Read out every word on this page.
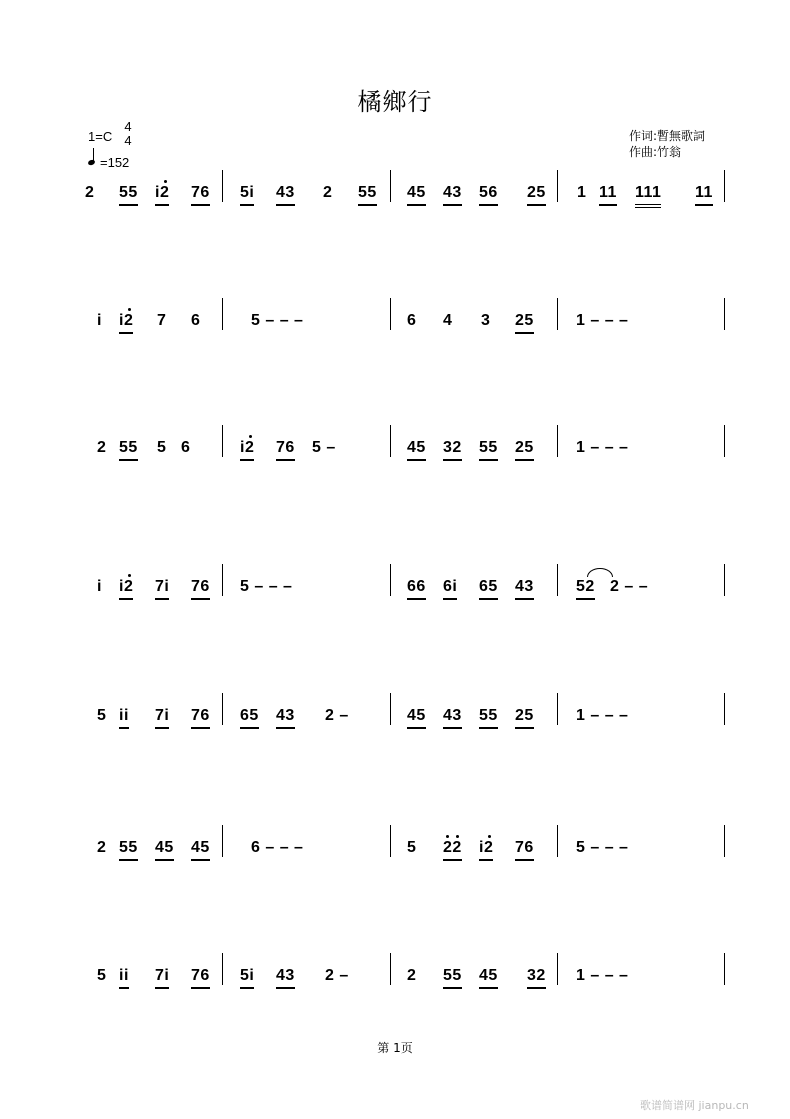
橘鄉行
1=C
4
4
=152
作词:暫無歌詞
作曲:竹翁
2 55 i2 76 5i 43 2 55 45 43 56 25 1 11 111 11
i i2 7 6	5 – – –	6 4 3 25	1 – – –
2 55 5 6	i2 76 5 –	45 32 55 25	1 – – –
i i2 7i 76 5 – – –	66 6i 65 43	52 2 – –
5 ii 7i 76 65 43 2 –	45 43 55 25	1 – – –
2 55 45 45	6 – – –	5 22 i2 76	5 – – –
5 ii 7i 76 5i 43 2 –	2 55 45 32 1 – – –
第 1页
歌谱简谱网 jianpu.cn
